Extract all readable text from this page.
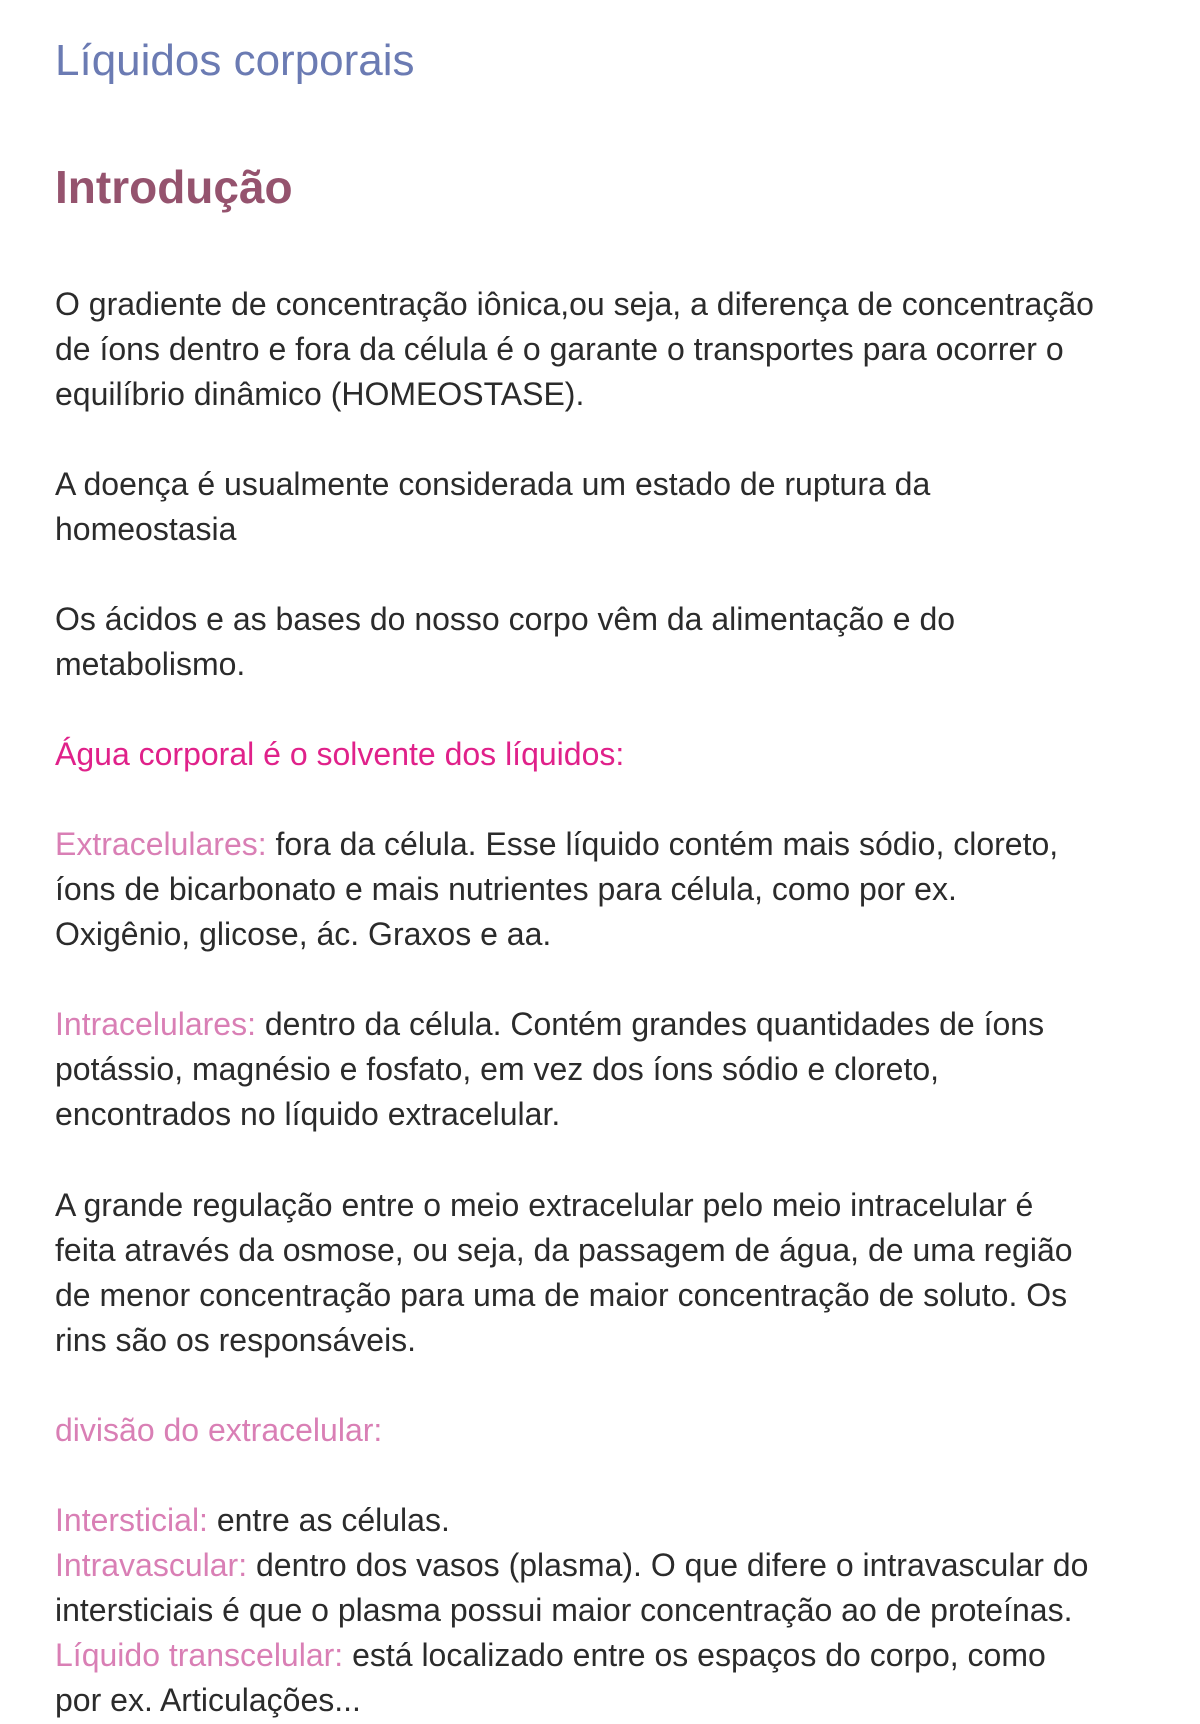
Líquidos corporais
Introdução

O gradiente de concentração iônica,ou seja, a diferença de concentração
de íons dentro e fora da célula é o garante o transportes para ocorrer o
equilíbrio dinâmico (HOMEOSTASE).

A doença é usualmente considerada um estado de ruptura da
homeostasia

Os ácidos e as bases do nosso corpo vêm da alimentação e do
metabolismo.

Água corporal é o solvente dos líquidos:

Extracelulares: fora da célula. Esse líquido contém mais sódio, cloreto,
íons de bicarbonato e mais nutrientes para célula, como por ex.
Oxigênio, glicose, ác. Graxos e aa.

Intracelulares: dentro da célula. Contém grandes quantidades de íons
potássio, magnésio e fosfato, em vez dos íons sódio e cloreto,
encontrados no líquido extracelular.

A grande regulação entre o meio extracelular pelo meio intracelular é
feita através da osmose, ou seja, da passagem de água, de uma região
de menor concentração para uma de maior concentração de soluto. Os
rins são os responsáveis.

divisão do extracelular:

Intersticial: entre as células.
Intravascular: dentro dos vasos (plasma). O que difere o intravascular do
intersticiais é que o plasma possui maior concentração ao de proteínas.
Líquido transcelular: está localizado entre os espaços do corpo, como
por ex. Articulações...
